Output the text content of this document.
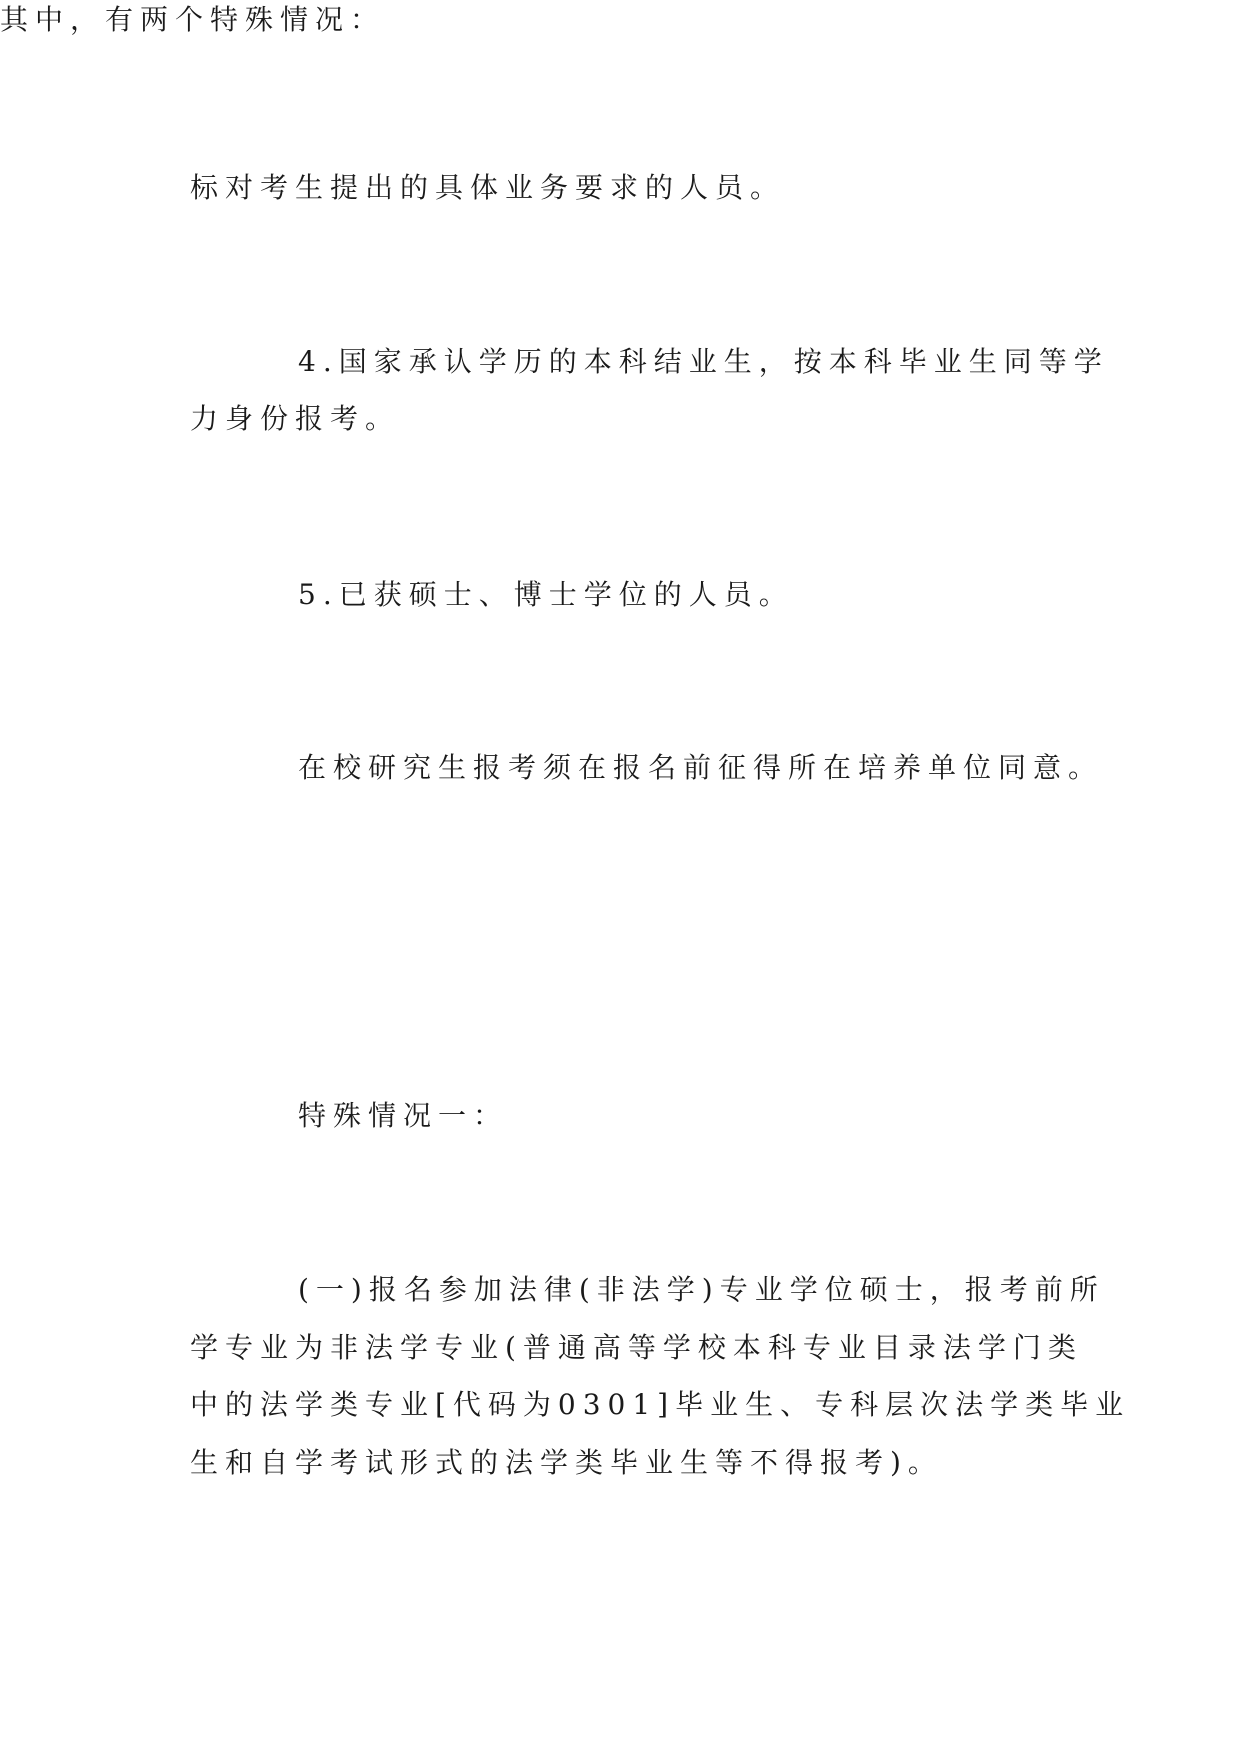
标对考生提出的具体业务要求的人员。

4.国家承认学历的本科结业生，按本科毕业生同等学

力身份报考。

5.已获硕士、博士学位的人员。

在校研究生报考须在报名前征得所在培养单位同意。

其中，有两个特殊情况：

特殊情况一：

(一)报名参加法律(非法学)专业学位硕士，报考前所

学专业为非法学专业(普通高等学校本科专业目录法学门类

中的法学类专业[代码为0301]毕业生、专科层次法学类毕业

生和自学考试形式的法学类毕业生等不得报考)。
